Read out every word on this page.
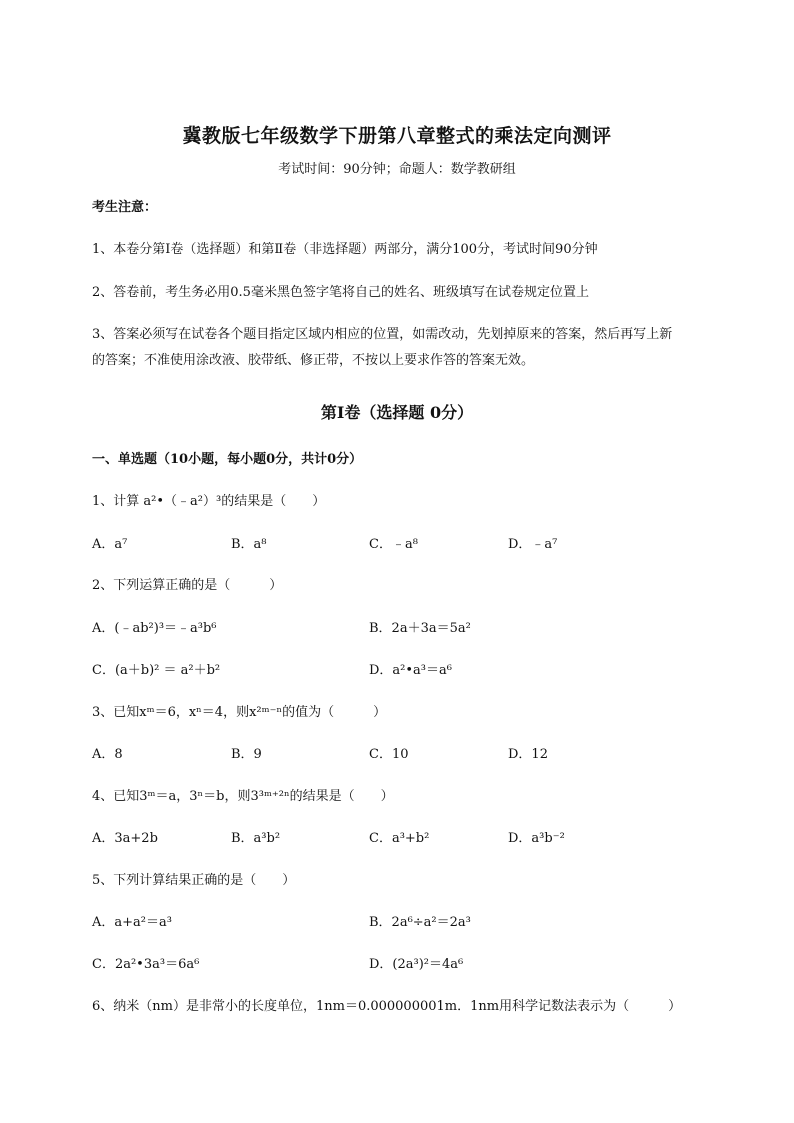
冀教版七年级数学下册第八章整式的乘法定向测评
考试时间：90分钟；命题人：数学教研组
考生注意：
1、本卷分第I卷（选择题）和第Ⅱ卷（非选择题）两部分，满分100分，考试时间90分钟
2、答卷前，考生务必用0.5毫米黑色签字笔将自己的姓名、班级填写在试卷规定位置上
3、答案必须写在试卷各个题目指定区域内相应的位置，如需改动，先划掉原来的答案，然后再写上新
的答案；不准使用涂改液、胶带纸、修正带，不按以上要求作答的答案无效。
第I卷（选择题 0分）
一、单选题（10小题，每小题0分，共计0分）
1、计算 a²•（﹣a²）³的结果是（　　）
A．a⁷	B．a⁸	C．﹣a⁸	D．﹣a⁷
2、下列运算正确的是（　　　）
A．(﹣ab²)³＝﹣a³b⁶	B．2a＋3a＝5a²
C．(a＋b)² ＝ a²＋b²	D．a²•a³＝a⁶
3、已知xᵐ＝6，xⁿ＝4，则x²ᵐ⁻ⁿ的值为（　　　）
A．8	B．9	C．10	D．12
4、已知3ᵐ＝a，3ⁿ＝b，则3³ᵐ⁺²ⁿ的结果是（　　）
A．3a+2b	B．a³b²	C．a³+b²	D．a³b⁻²
5、下列计算结果正确的是（　　）
A．a+a²＝a³	B．2a⁶÷a²＝2a³
C．2a²•3a³＝6a⁶	D．(2a³)²＝4a⁶
6、纳米（nm）是非常小的长度单位，1nm＝0.000000001m．1nm用科学记数法表示为（　　　）
